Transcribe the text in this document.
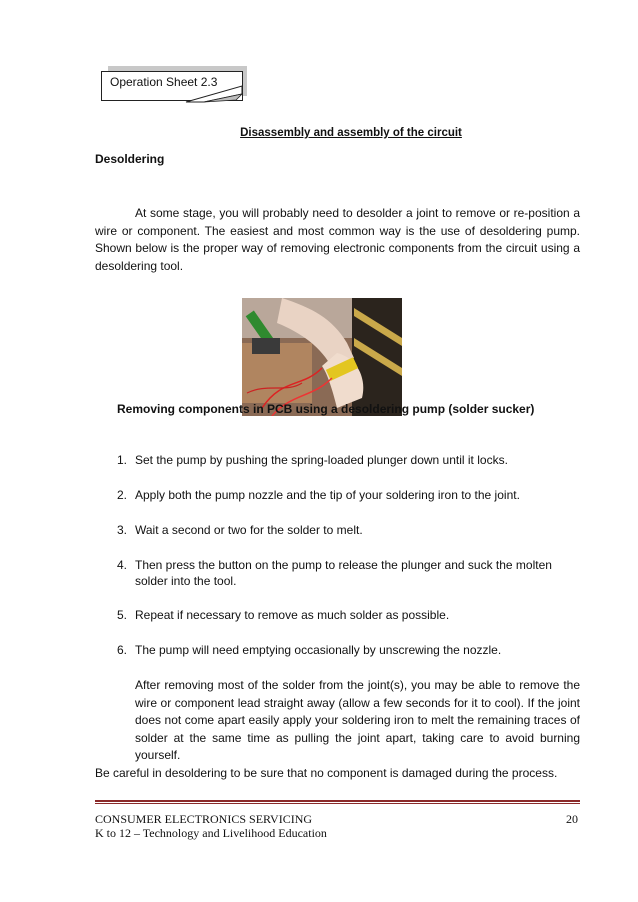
Operation Sheet 2.3
Disassembly and assembly of the circuit
Desoldering
At some stage, you will probably need to desolder a joint to remove or re-position a wire or component. The easiest and most common way is the use of desoldering pump. Shown below is the proper way of removing electronic components from the circuit using a desoldering tool.
Removing components in PCB using a desoldering pump (solder sucker)
1. Set the pump by pushing the spring-loaded plunger down until it locks.
2. Apply both the pump nozzle and the tip of your soldering iron to the joint.
3. Wait a second or two for the solder to melt.
4. Then press the button on the pump to release the plunger and suck the molten solder into the tool.
5. Repeat if necessary to remove as much solder as possible.
6. The pump will need emptying occasionally by unscrewing the nozzle.
After removing most of the solder from the joint(s), you may be able to remove the wire or component lead straight away (allow a few seconds for it to cool). If the joint does not come apart easily apply your soldering iron to melt the remaining traces of solder at the same time as pulling the joint apart, taking care to avoid burning yourself.
Be careful in desoldering to be sure that no component is damaged during the process.
CONSUMER ELECTRONICS SERVICING
K to 12 – Technology and Livelihood Education
20
